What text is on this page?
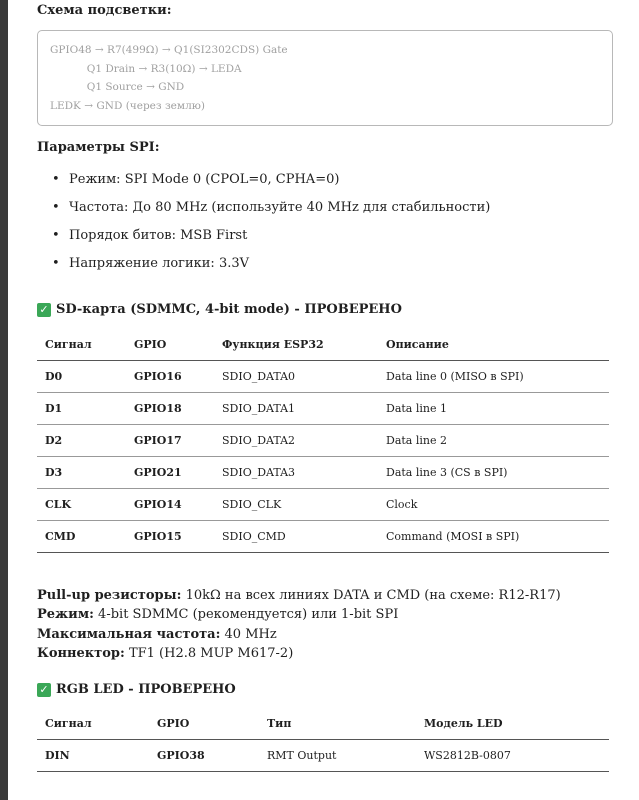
Схема подсветки:
GPIO48 → R7(499Ω) → Q1(SI2302CDS) Gate
Q1 Drain → R3(10Ω) → LEDA
Q1 Source → GND
LEDK → GND (через землю)
Параметры SPI:
• Режим: SPI Mode 0 (CPOL=0, CPHA=0)
• Частота: До 80 MHz (используйте 40 MHz для стабильности)
• Порядок битов: MSB First
• Напряжение логики: 3.3V
✓ SD-карта (SDMMC, 4-bit mode) - ПРОВЕРЕНО
Сигнал	GPIO	Функция ESP32	Описание
D0	GPIO16	SDIO_DATA0	Data line 0 (MISO в SPI)
D1	GPIO18	SDIO_DATA1	Data line 1
D2	GPIO17	SDIO_DATA2	Data line 2
D3	GPIO21	SDIO_DATA3	Data line 3 (CS в SPI)
CLK	GPIO14	SDIO_CLK	Clock
CMD	GPIO15	SDIO_CMD	Command (MOSI в SPI)
Pull-up резисторы: 10kΩ на всех линиях DATA и CMD (на схеме: R12-R17)
Режим: 4-bit SDMMC (рекомендуется) или 1-bit SPI
Максимальная частота: 40 MHz
Коннектор: TF1 (H2.8 MUP M617-2)
✓ RGB LED - ПРОВЕРЕНО
Сигнал	GPIO	Тип	Модель LED
DIN	GPIO38	RMT Output	WS2812B-0807
